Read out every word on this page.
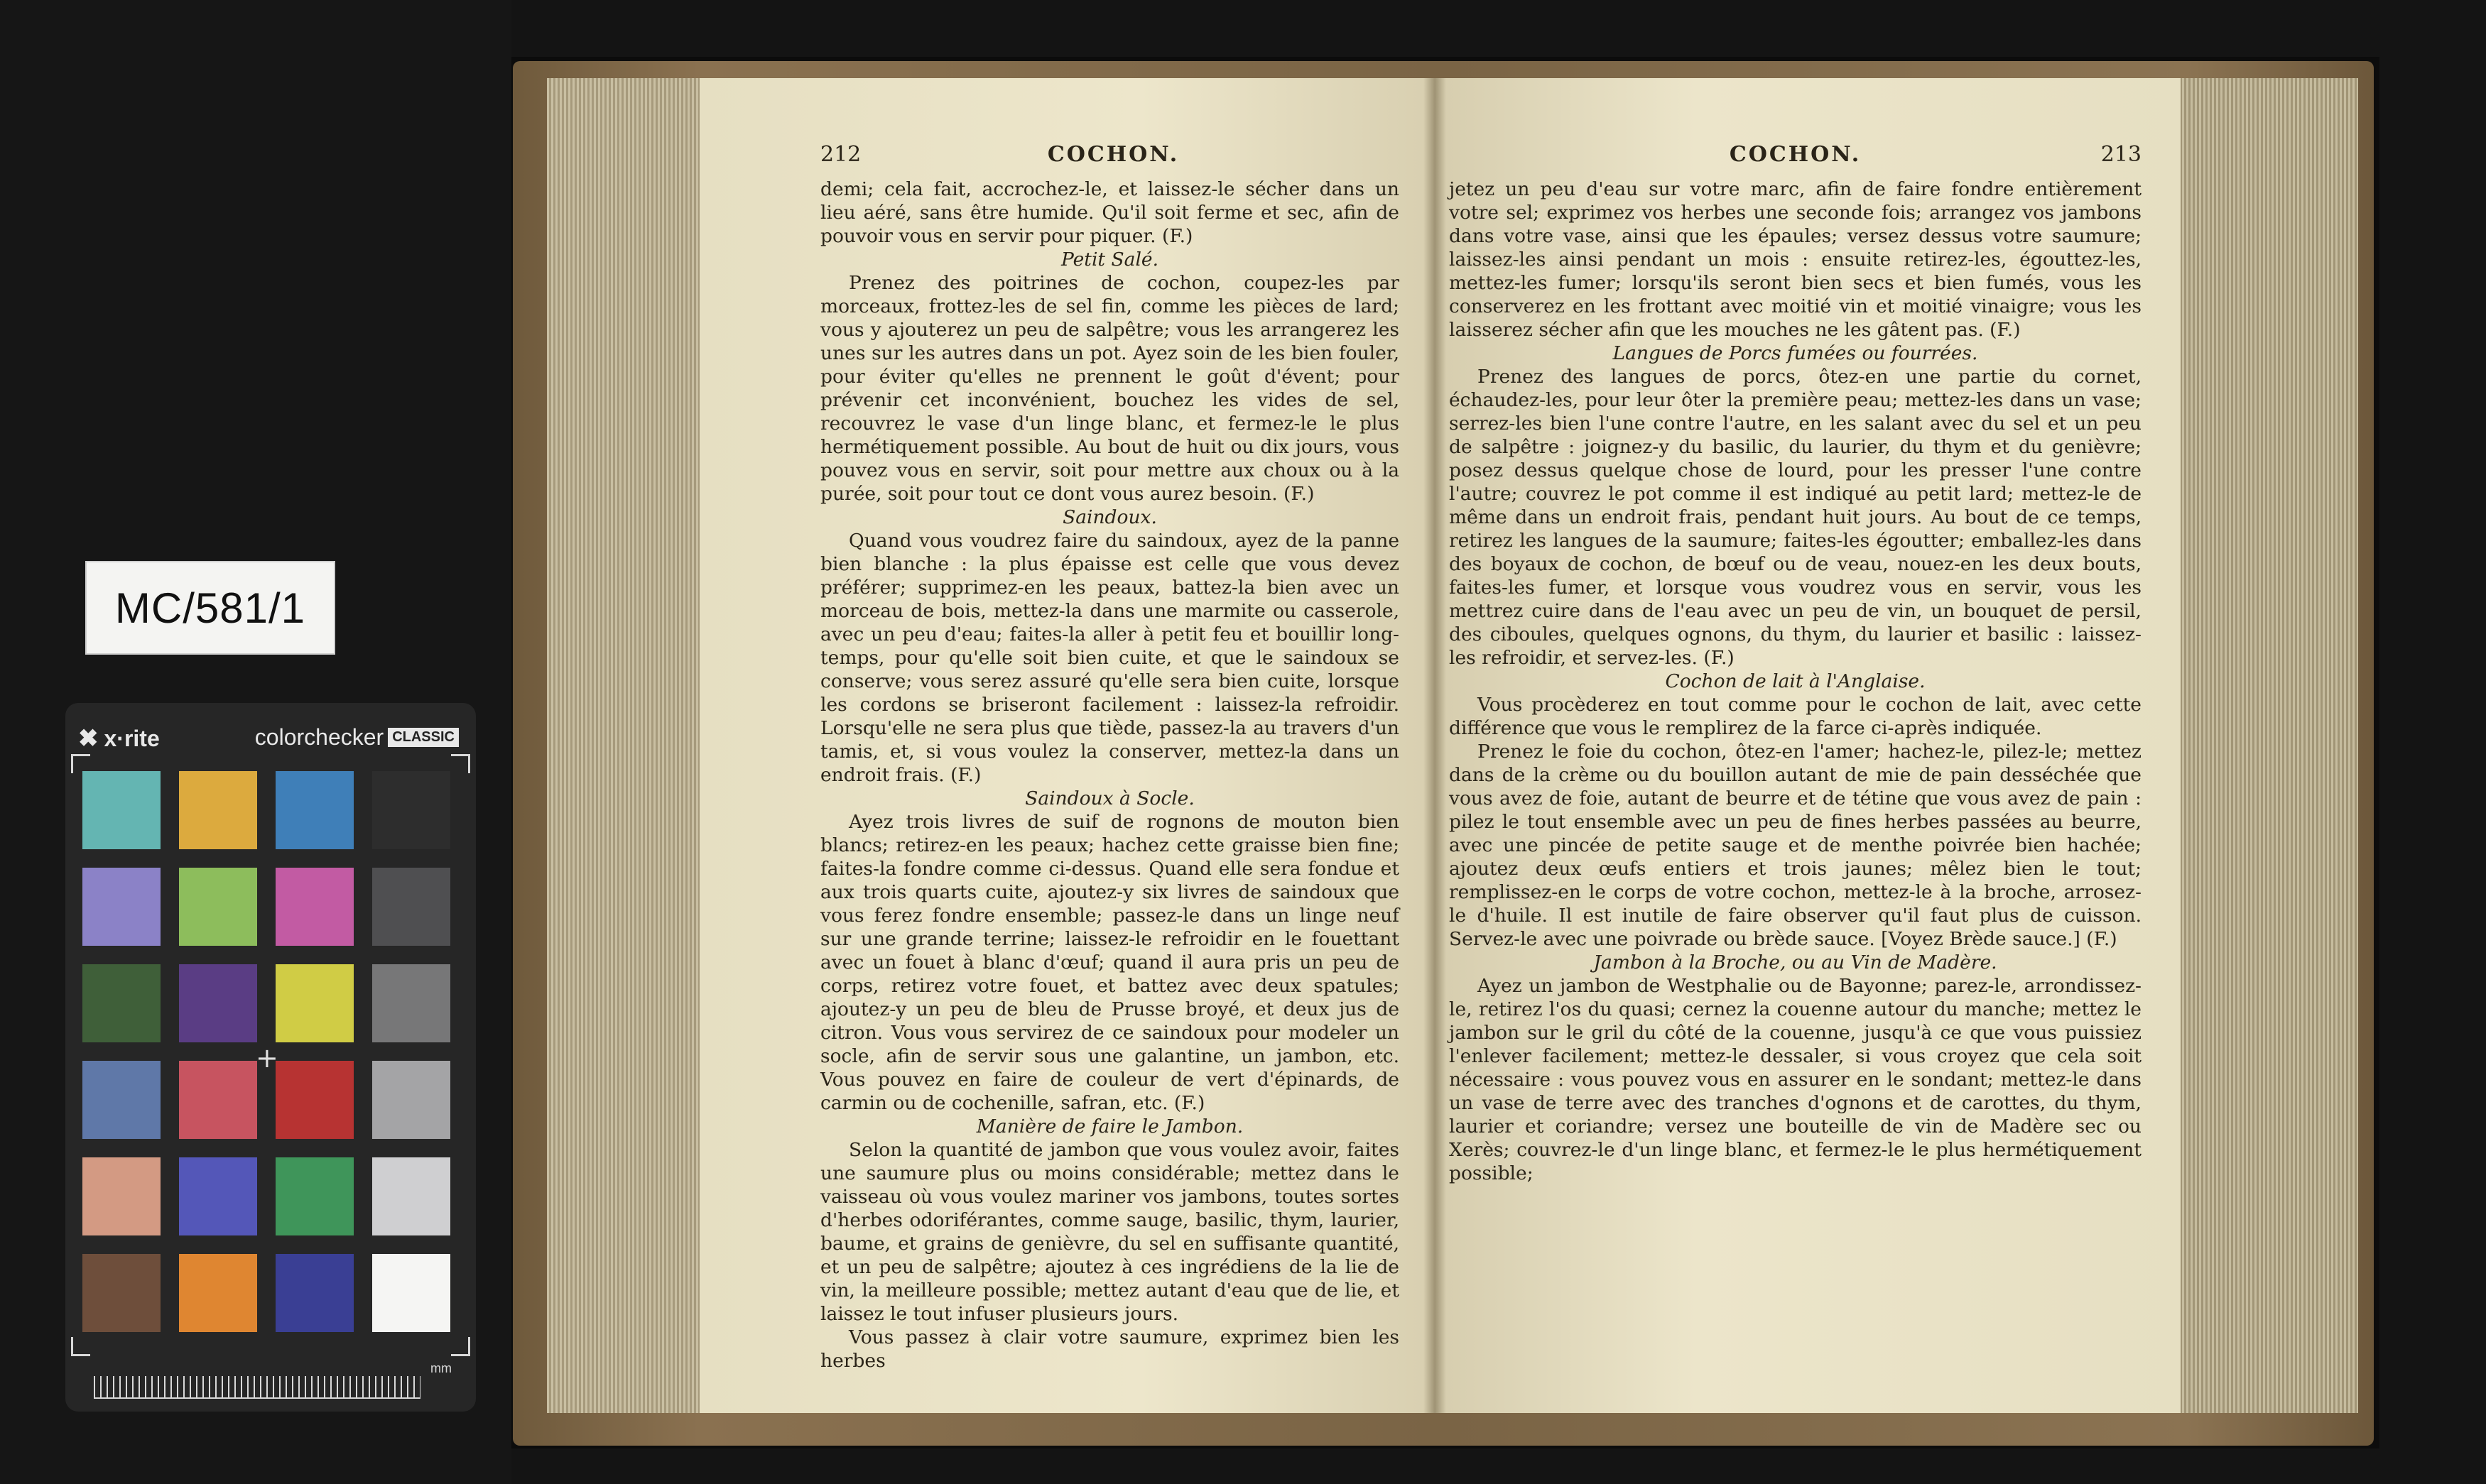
MC/581/1
✖ x·rite	colorchecker CLASSIC
+
mm
212	COCHON.

demi; cela fait, accrochez-le, et laissez-le sécher dans un lieu aéré, sans être humide. Qu'il soit ferme et sec, afin de pouvoir vous en servir pour piquer. (F.)

Petit Salé.

Prenez des poitrines de cochon, coupez-les par morceaux, frottez-les de sel fin, comme les pièces de lard; vous y ajouterez un peu de salpêtre; vous les arrangerez les unes sur les autres dans un pot. Ayez soin de les bien fouler, pour éviter qu'elles ne prennent le goût d'évent; pour prévenir cet inconvénient, bouchez les vides de sel, recouvrez le vase d'un linge blanc, et fermez-le le plus hermétiquement possible. Au bout de huit ou dix jours, vous pouvez vous en servir, soit pour mettre aux choux ou à la purée, soit pour tout ce dont vous aurez besoin. (F.)

Saindoux.

Quand vous voudrez faire du saindoux, ayez de la panne bien blanche : la plus épaisse est celle que vous devez préférer; supprimez-en les peaux, battez-la bien avec un morceau de bois, mettez-la dans une marmite ou casserole, avec un peu d'eau; faites-la aller à petit feu et bouillir long-temps, pour qu'elle soit bien cuite, et que le saindoux se conserve; vous serez assuré qu'elle sera bien cuite, lorsque les cordons se briseront facilement : laissez-la refroidir. Lorsqu'elle ne sera plus que tiède, passez-la au travers d'un tamis, et, si vous voulez la conserver, mettez-la dans un endroit frais. (F.)

Saindoux à Socle.

Ayez trois livres de suif de rognons de mouton bien blancs; retirez-en les peaux; hachez cette graisse bien fine; faites-la fondre comme ci-dessus. Quand elle sera fondue et aux trois quarts cuite, ajoutez-y six livres de saindoux que vous ferez fondre ensemble; passez-le dans un linge neuf sur une grande terrine; laissez-le refroidir en le fouettant avec un fouet à blanc d'œuf; quand il aura pris un peu de corps, retirez votre fouet, et battez avec deux spatules; ajoutez-y un peu de bleu de Prusse broyé, et deux jus de citron. Vous vous servirez de ce saindoux pour modeler un socle, afin de servir sous une galantine, un jambon, etc. Vous pouvez en faire de couleur de vert d'épinards, de carmin ou de cochenille, safran, etc. (F.)

Manière de faire le Jambon.

Selon la quantité de jambon que vous voulez avoir, faites une saumure plus ou moins considérable; mettez dans le vaisseau où vous voulez mariner vos jambons, toutes sortes d'herbes odoriférantes, comme sauge, basilic, thym, laurier, baume, et grains de genièvre, du sel en suffisante quantité, et un peu de salpêtre; ajoutez à ces ingrédiens de la lie de vin, la meilleure possible; mettez autant d'eau que de lie, et laissez le tout infuser plusieurs jours.

Vous passez à clair votre saumure, exprimez bien les herbes

COCHON.	213

jetez un peu d'eau sur votre marc, afin de faire fondre entièrement votre sel; exprimez vos herbes une seconde fois; arrangez vos jambons dans votre vase, ainsi que les épaules; versez dessus votre saumure; laissez-les ainsi pendant un mois : ensuite retirez-les, égouttez-les, mettez-les fumer; lorsqu'ils seront bien secs et bien fumés, vous les conserverez en les frottant avec moitié vin et moitié vinaigre; vous les laisserez sécher afin que les mouches ne les gâtent pas. (F.)

Langues de Porcs fumées ou fourrées.

Prenez des langues de porcs, ôtez-en une partie du cornet, échaudez-les, pour leur ôter la première peau; mettez-les dans un vase; serrez-les bien l'une contre l'autre, en les salant avec du sel et un peu de salpêtre : joignez-y du basilic, du laurier, du thym et du genièvre; posez dessus quelque chose de lourd, pour les presser l'une contre l'autre; couvrez le pot comme il est indiqué au petit lard; mettez-le de même dans un endroit frais, pendant huit jours. Au bout de ce temps, retirez les langues de la saumure; faites-les égoutter; emballez-les dans des boyaux de cochon, de bœuf ou de veau, nouez-en les deux bouts, faites-les fumer, et lorsque vous voudrez vous en servir, vous les mettrez cuire dans de l'eau avec un peu de vin, un bouquet de persil, des ciboules, quelques ognons, du thym, du laurier et basilic : laissez-les refroidir, et servez-les. (F.)

Cochon de lait à l'Anglaise.

Vous procèderez en tout comme pour le cochon de lait, avec cette différence que vous le remplirez de la farce ci-après indiquée.

Prenez le foie du cochon, ôtez-en l'amer; hachez-le, pilez-le; mettez dans de la crème ou du bouillon autant de mie de pain desséchée que vous avez de foie, autant de beurre et de tétine que vous avez de pain : pilez le tout ensemble avec un peu de fines herbes passées au beurre, avec une pincée de petite sauge et de menthe poivrée bien hachée; ajoutez deux œufs entiers et trois jaunes; mêlez bien le tout; remplissez-en le corps de votre cochon, mettez-le à la broche, arrosez-le d'huile. Il est inutile de faire observer qu'il faut plus de cuisson. Servez-le avec une poivrade ou brède sauce. [Voyez Brède sauce.] (F.)

Jambon à la Broche, ou au Vin de Madère.

Ayez un jambon de Westphalie ou de Bayonne; parez-le, arrondissez-le, retirez l'os du quasi; cernez la couenne autour du manche; mettez le jambon sur le gril du côté de la couenne, jusqu'à ce que vous puissiez l'enlever facilement; mettez-le dessaler, si vous croyez que cela soit nécessaire : vous pouvez vous en assurer en le sondant; mettez-le dans un vase de terre avec des tranches d'ognons et de carottes, du thym, laurier et coriandre; versez une bouteille de vin de Madère sec ou Xerès; couvrez-le d'un linge blanc, et fermez-le le plus hermétiquement possible;
